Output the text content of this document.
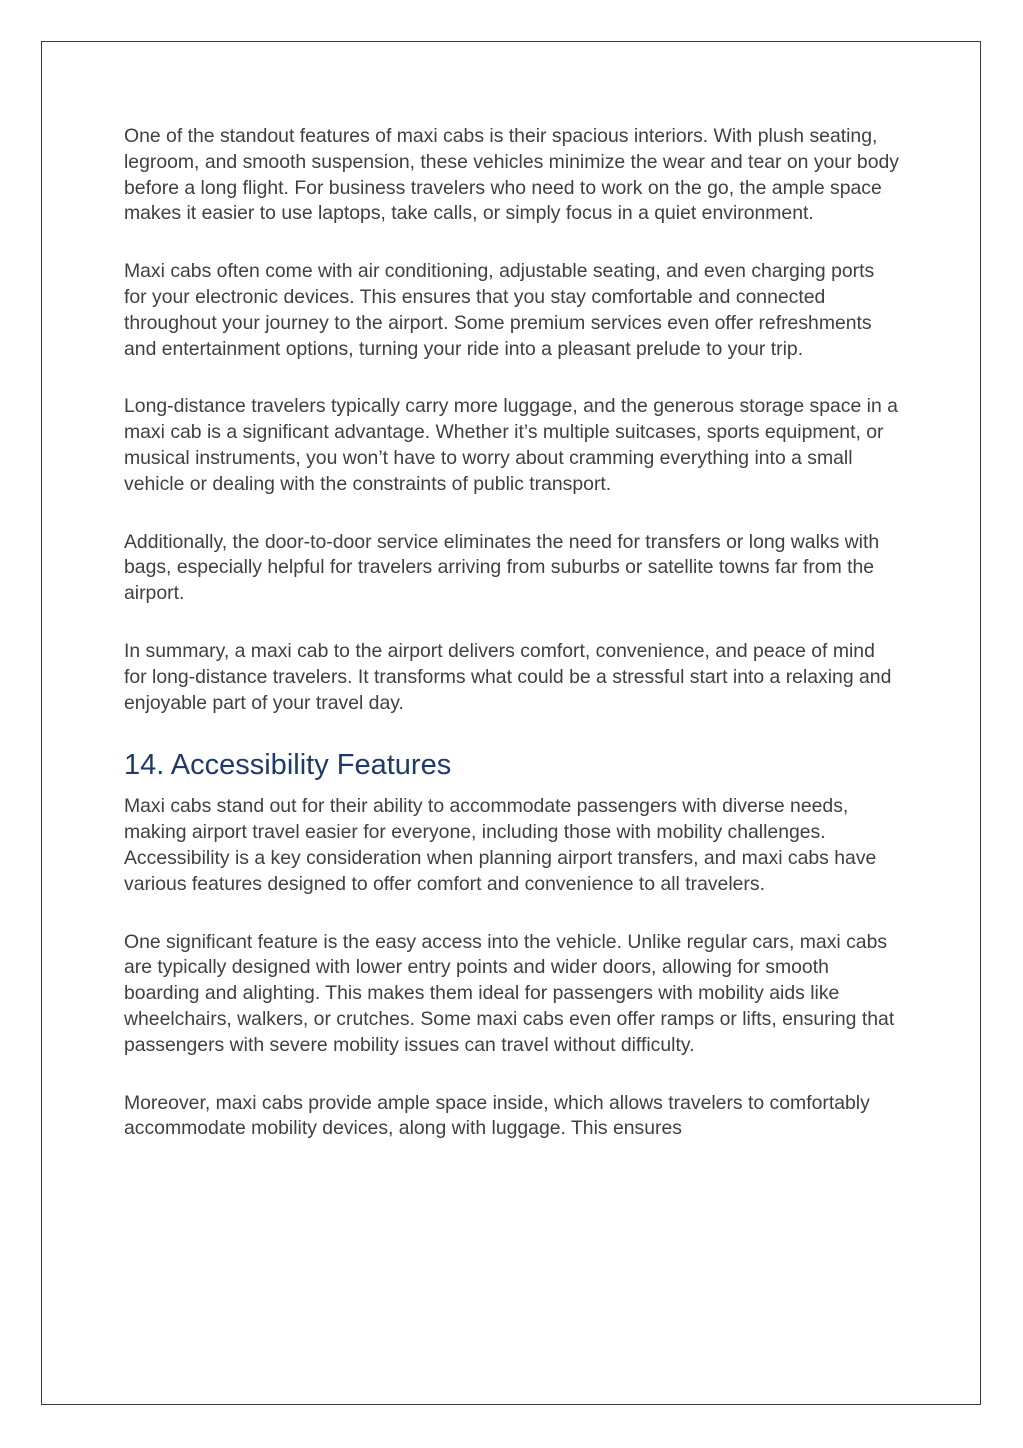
One of the standout features of maxi cabs is their spacious interiors. With plush seating, legroom, and smooth suspension, these vehicles minimize the wear and tear on your body before a long flight. For business travelers who need to work on the go, the ample space makes it easier to use laptops, take calls, or simply focus in a quiet environment.

Maxi cabs often come with air conditioning, adjustable seating, and even charging ports for your electronic devices. This ensures that you stay comfortable and connected throughout your journey to the airport. Some premium services even offer refreshments and entertainment options, turning your ride into a pleasant prelude to your trip.

Long-distance travelers typically carry more luggage, and the generous storage space in a maxi cab is a significant advantage. Whether it’s multiple suitcases, sports equipment, or musical instruments, you won’t have to worry about cramming everything into a small vehicle or dealing with the constraints of public transport.

Additionally, the door-to-door service eliminates the need for transfers or long walks with bags, especially helpful for travelers arriving from suburbs or satellite towns far from the airport.

In summary, a maxi cab to the airport delivers comfort, convenience, and peace of mind for long-distance travelers. It transforms what could be a stressful start into a relaxing and enjoyable part of your travel day.

14. Accessibility Features

Maxi cabs stand out for their ability to accommodate passengers with diverse needs, making airport travel easier for everyone, including those with mobility challenges. Accessibility is a key consideration when planning airport transfers, and maxi cabs have various features designed to offer comfort and convenience to all travelers.

One significant feature is the easy access into the vehicle. Unlike regular cars, maxi cabs are typically designed with lower entry points and wider doors, allowing for smooth boarding and alighting. This makes them ideal for passengers with mobility aids like wheelchairs, walkers, or crutches. Some maxi cabs even offer ramps or lifts, ensuring that passengers with severe mobility issues can travel without difficulty.

Moreover, maxi cabs provide ample space inside, which allows travelers to comfortably accommodate mobility devices, along with luggage. This ensures
